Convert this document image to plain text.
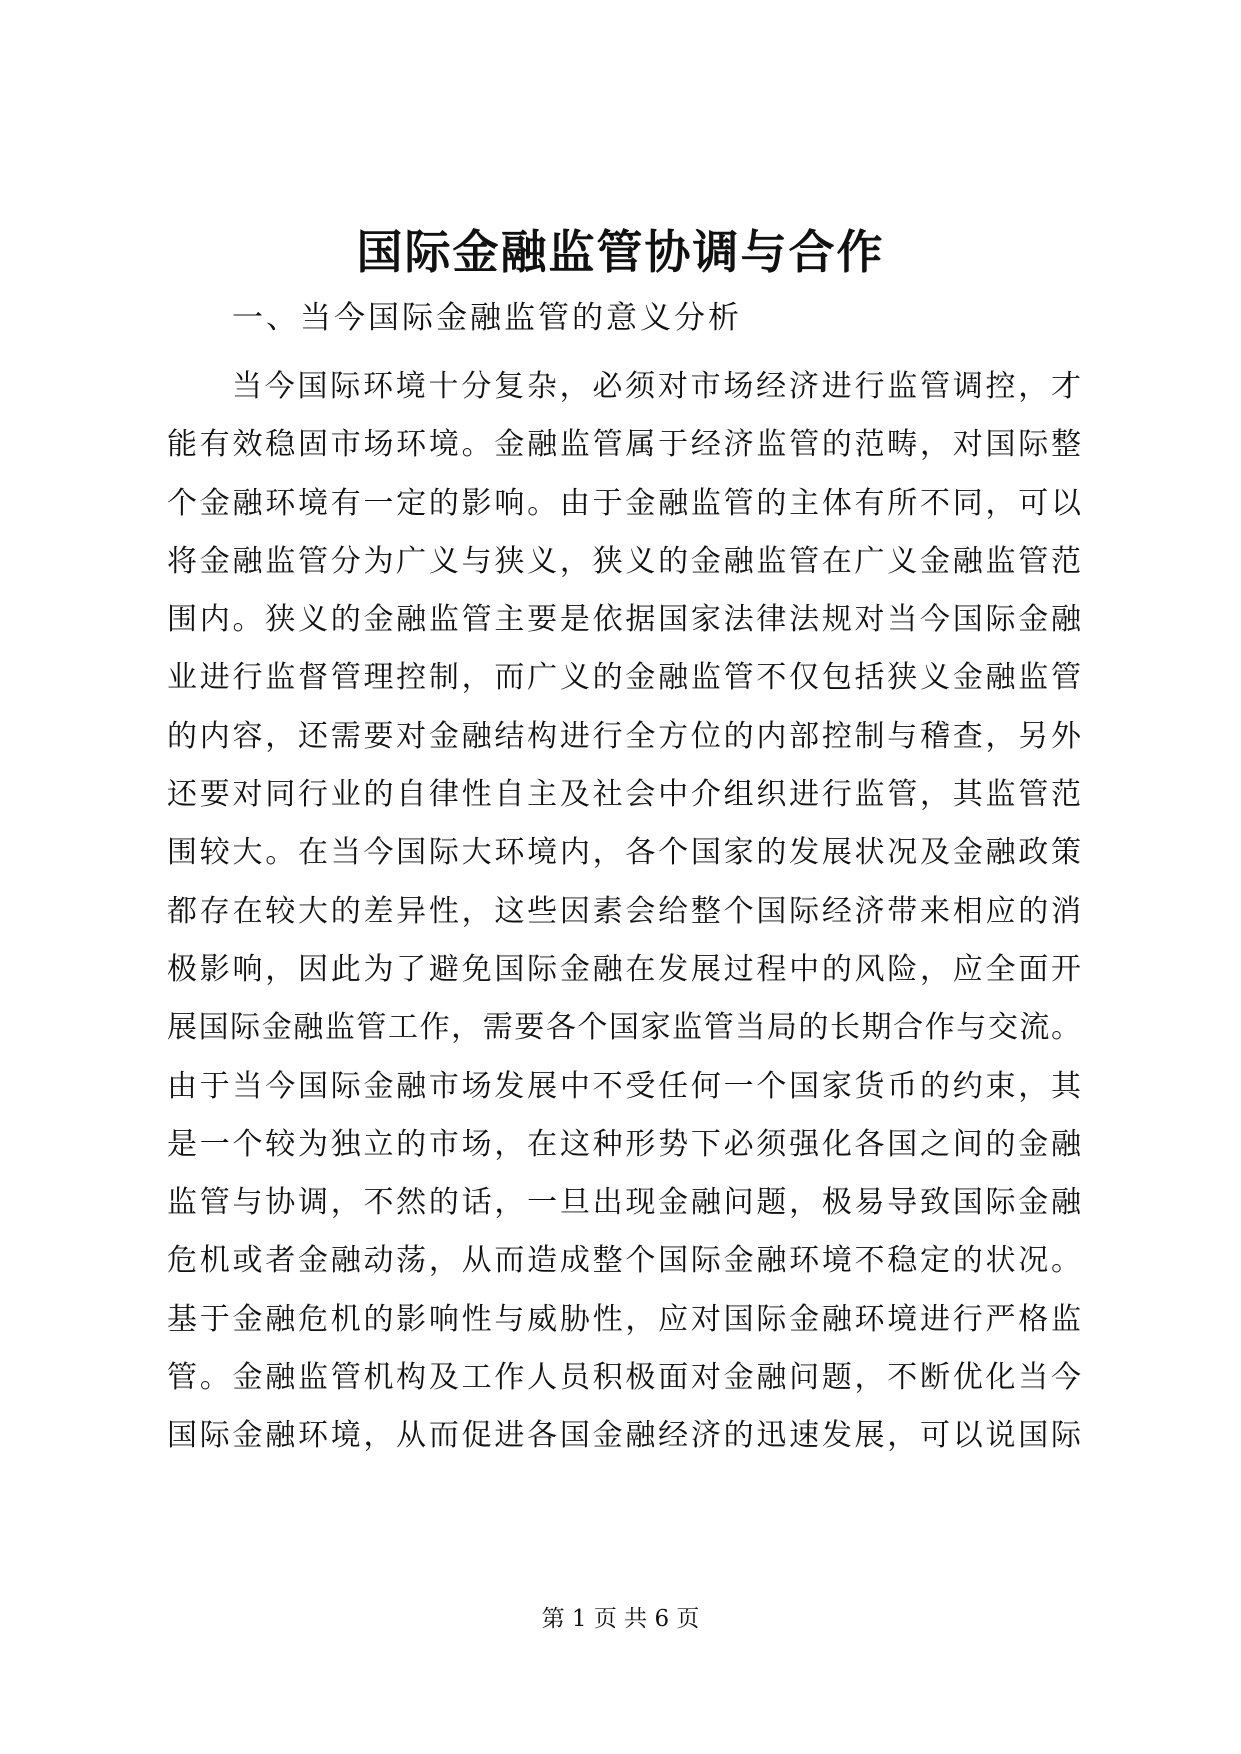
国际金融监管协调与合作

一、当今国际金融监管的意义分析

当今国际环境十分复杂，必须对市场经济进行监管调控，才
能有效稳固市场环境。金融监管属于经济监管的范畴，对国际整
个金融环境有一定的影响。由于金融监管的主体有所不同，可以
将金融监管分为广义与狭义，狭义的金融监管在广义金融监管范
围内。狭义的金融监管主要是依据国家法律法规对当今国际金融
业进行监督管理控制，而广义的金融监管不仅包括狭义金融监管
的内容，还需要对金融结构进行全方位的内部控制与稽查，另外
还要对同行业的自律性自主及社会中介组织进行监管，其监管范
围较大。在当今国际大环境内，各个国家的发展状况及金融政策
都存在较大的差异性，这些因素会给整个国际经济带来相应的消
极影响，因此为了避免国际金融在发展过程中的风险，应全面开
展国际金融监管工作，需要各个国家监管当局的长期合作与交流。
由于当今国际金融市场发展中不受任何一个国家货币的约束，其
是一个较为独立的市场，在这种形势下必须强化各国之间的金融
监管与协调，不然的话，一旦出现金融问题，极易导致国际金融
危机或者金融动荡，从而造成整个国际金融环境不稳定的状况。
基于金融危机的影响性与威胁性，应对国际金融环境进行严格监
管。金融监管机构及工作人员积极面对金融问题，不断优化当今
国际金融环境，从而促进各国金融经济的迅速发展，可以说国际

第 1 页 共 6 页
